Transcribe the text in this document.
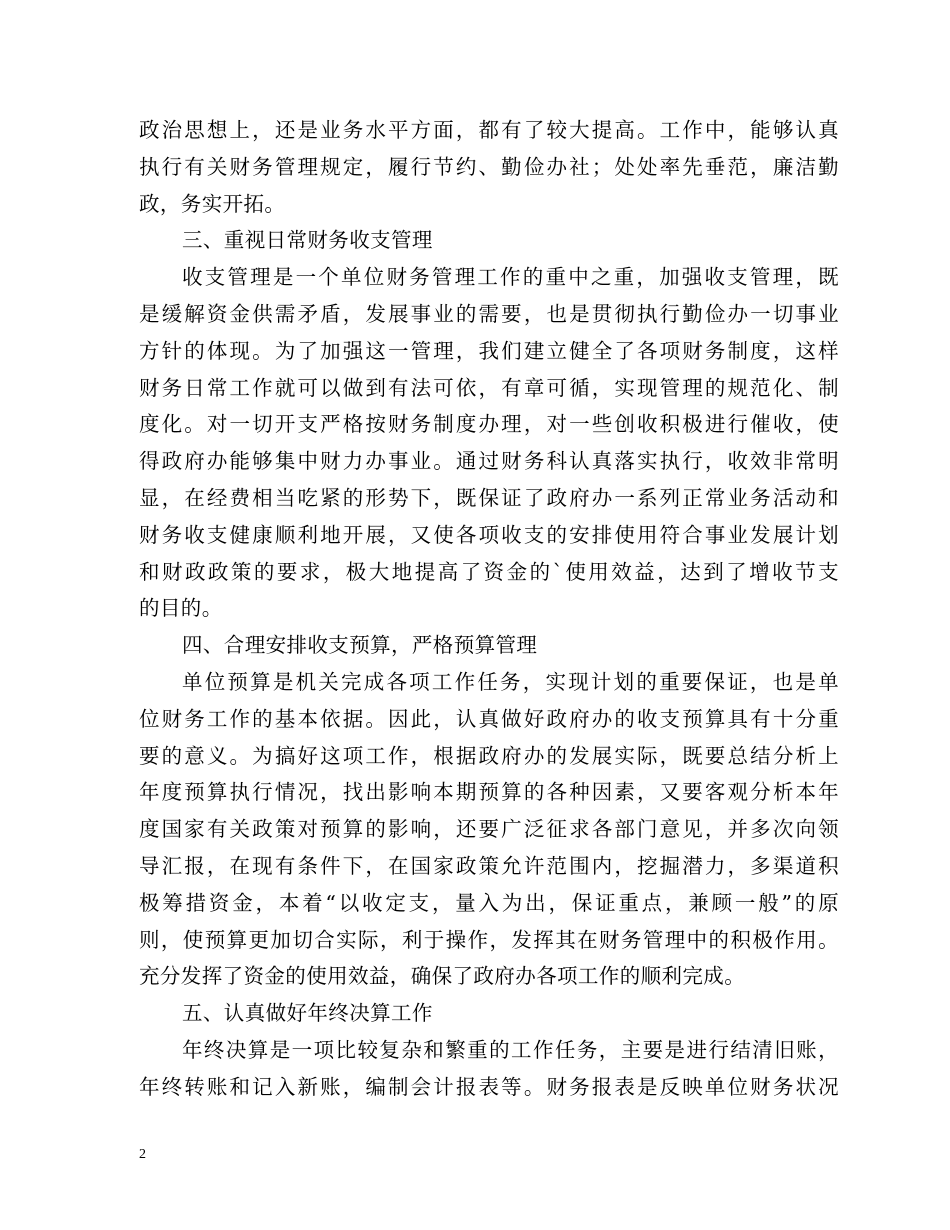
政治思想上，还是业务水平方面，都有了较大提高。工作中，能够认真
执行有关财务管理规定，履行节约、勤俭办社；处处率先垂范，廉洁勤
政，务实开拓。
三、重视日常财务收支管理
收支管理是一个单位财务管理工作的重中之重，加强收支管理，既
是缓解资金供需矛盾，发展事业的需要，也是贯彻执行勤俭办一切事业
方针的体现。为了加强这一管理，我们建立健全了各项财务制度，这样
财务日常工作就可以做到有法可依，有章可循，实现管理的规范化、制
度化。对一切开支严格按财务制度办理，对一些创收积极进行催收，使
得政府办能够集中财力办事业。通过财务科认真落实执行，收效非常明
显，在经费相当吃紧的形势下，既保证了政府办一系列正常业务活动和
财务收支健康顺利地开展，又使各项收支的安排使用符合事业发展计划
和财政政策的要求，极大地提高了资金的`使用效益，达到了增收节支
的目的。
四、合理安排收支预算，严格预算管理
单位预算是机关完成各项工作任务，实现计划的重要保证，也是单
位财务工作的基本依据。因此，认真做好政府办的收支预算具有十分重
要的意义。为搞好这项工作，根据政府办的发展实际，既要总结分析上
年度预算执行情况，找出影响本期预算的各种因素，又要客观分析本年
度国家有关政策对预算的影响，还要广泛征求各部门意见，并多次向领
导汇报，在现有条件下，在国家政策允许范围内，挖掘潜力，多渠道积
极筹措资金，本着“以收定支，量入为出，保证重点，兼顾一般”的原
则，使预算更加切合实际，利于操作，发挥其在财务管理中的积极作用。
充分发挥了资金的使用效益，确保了政府办各项工作的顺利完成。
五、认真做好年终决算工作
年终决算是一项比较复杂和繁重的工作任务，主要是进行结清旧账，
年终转账和记入新账，编制会计报表等。财务报表是反映单位财务状况
2
